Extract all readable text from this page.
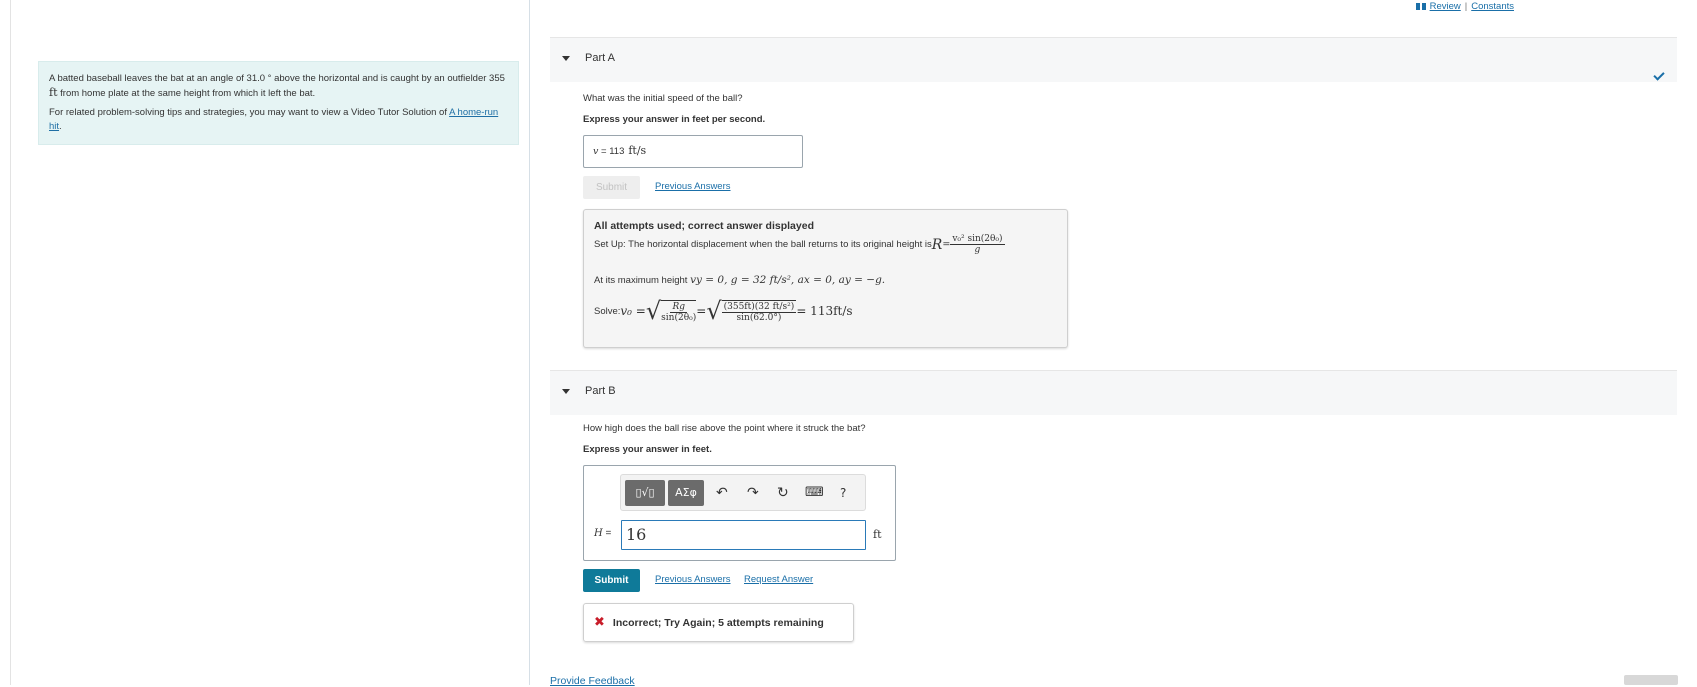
Review | Constants

A batted baseball leaves the bat at an angle of 31.0 ° above the horizontal and is caught by an outfielder 355 ft from home plate at the same height from which it left the bat.

For related problem-solving tips and strategies, you may want to view a Video Tutor Solution of A home-run hit.

Part A
What was the initial speed of the ball?
Express your answer in feet per second.
v = 113 ft/s
Submit	Previous Answers
All attempts used; correct answer displayed
Set Up: The horizontal displacement when the ball returns to its original height is $R = \frac{\text{v₀² sin(2θ₀)}}{g}$
At its maximum height vy = 0, g = 32 ft/s², ax = 0, ay = −g.
Solve: v₀ = √ $\frac{Rg}{\text{sin(2θ₀)}}$ = √ $\frac{\text{(355ft)(32 ft/s²)}}{\sin(62.0^\circ)} = 113ft/s$
Part B
How high does the ball rise above the point where it struck the bat?
Express your answer in feet.
▯√▯	AΣφ	↶ ↷ ↻ ⌨ ?
H = 16	ft
Submit	Previous Answers Request Answer
✖ Incorrect; Try Again; 5 attempts remaining
Provide Feedback
